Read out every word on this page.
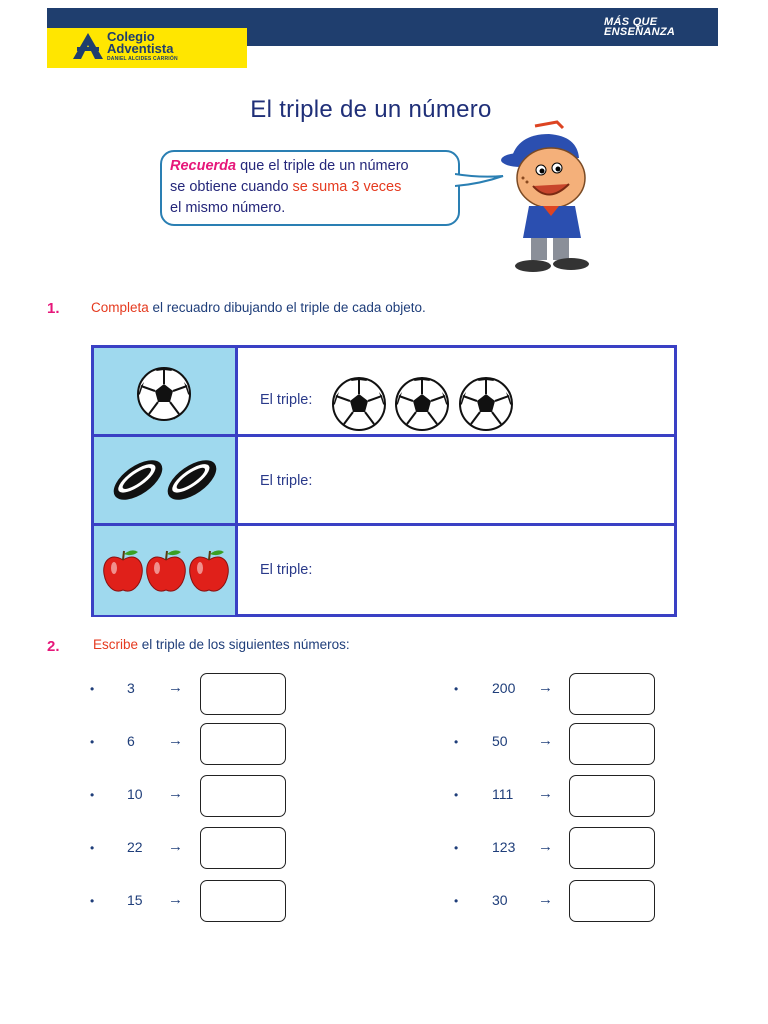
Colegio
Adventista
DANIEL ALCIDES CARRIÓN
MÁS QUE
ENSEÑANZA
El triple de un número
Recuerda que el triple de un número
se obtiene cuando se suma 3 veces
el mismo número.
1. Completa el recuadro dibujando el triple de cada objeto.
El triple:
El triple:
El triple:
2. Escribe el triple de los siguientes números:
• 3 →
• 6 →
• 10 →
• 22 →
• 15 →
• 200 →
• 50 →
• 111 →
• 123 →
• 30 →
